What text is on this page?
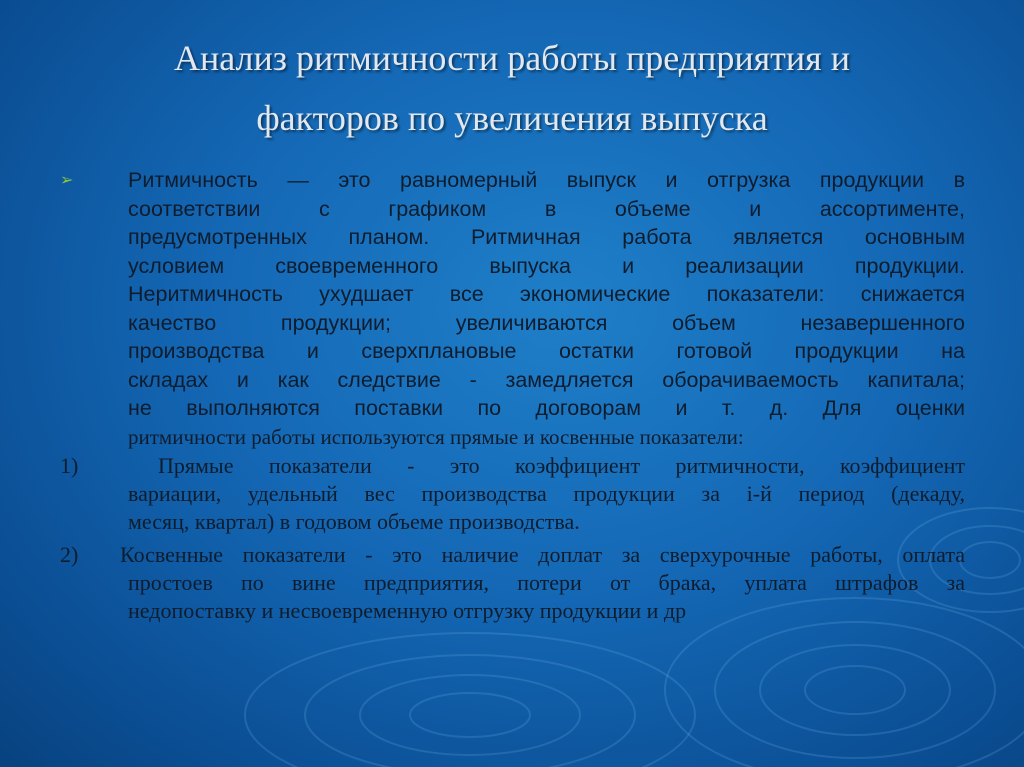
Анализ ритмичности работы предприятия и
факторов по увеличения выпуска
➢	Ритмичность — это равномерный выпуск и отгрузка продукции в
соответствии с графиком в объеме и ассортименте,
предусмотренных планом. Ритмичная работа является основным
условием своевременного выпуска и реализации продукции.
Неритмичность ухудшает все экономические показатели: снижается
качество продукции; увеличиваются объем незавершенного
производства и сверхплановые остатки готовой продукции на
складах и как следствие - замедляется оборачиваемость капитала;
не выполняются поставки по договорам и т. д. Для оценки
ритмичности работы используются прямые и косвенные показатели:
1)	Прямые показатели - это коэффициент ритмичности, коэффициент
вариации, удельный вес производства продукции за i-й период (декаду,
месяц, квартал) в годовом объеме производства.
2) Косвенные показатели - это наличие доплат за сверхурочные работы, оплата
простоев по вине предприятия, потери от брака, уплата штрафов за
недопоставку и несвоевременную отгрузку продукции и др
